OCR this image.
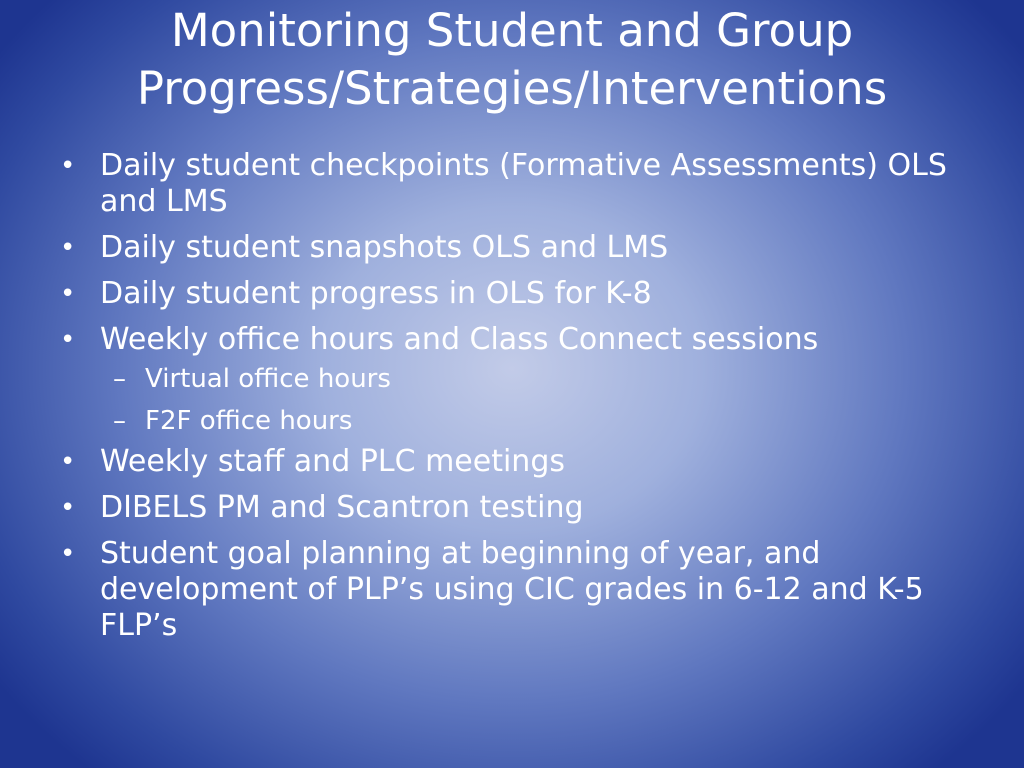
Monitoring Student and Group
Progress/Strategies/Interventions
• Daily student checkpoints (Formative Assessments) OLS and LMS
• Daily student snapshots OLS and LMS
• Daily student progress in OLS for K-8
• Weekly office hours and Class Connect sessions
– Virtual office hours
– F2F office hours
• Weekly staff and PLC meetings
• DIBELS PM and Scantron testing
• Student goal planning at beginning of year, and development of PLP’s using CIC grades in 6-12 and K-5 FLP’s
